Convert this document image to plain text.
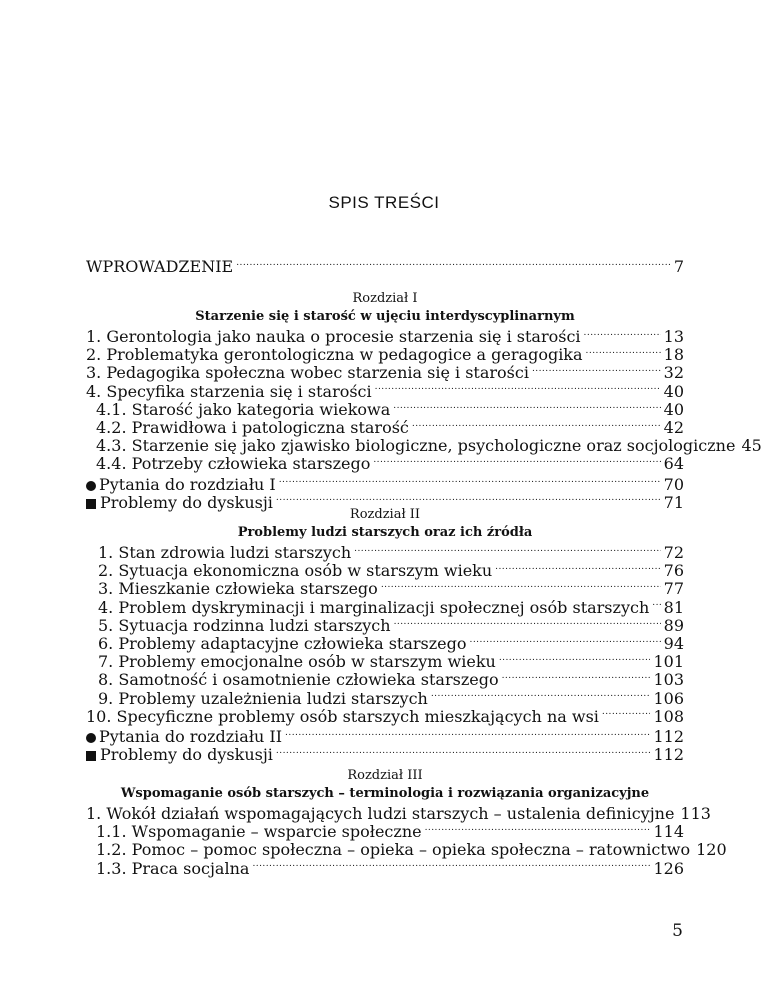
SPIS TREŚCI
WPROWADZENIE . . .	7
Rozdział I
Starzenie się i starość w ujęciu interdyscyplinarnym
1. Gerontologia jako nauka o procesie starzenia się i starości . . .	13
2. Problematyka gerontologiczna w pedagogice a geragogika . . .	18
3. Pedagogika społeczna wobec starzenia się i starości . . .	32
4. Specyfika starzenia się i starości . . .	40
4.1. Starość jako kategoria wiekowa . . .	40
4.2. Prawidłowa i patologiczna starość . . .	42
4.3. Starzenie się jako zjawisko biologiczne, psychologiczne oraz socjologiczne 45
4.4. Potrzeby człowieka starszego . . .	64
Pytania do rozdziału I . . .	70
Problemy do dyskusji . . .	71
Rozdział II
Problemy ludzi starszych oraz ich źródła
1. Stan zdrowia ludzi starszych . . .	72
2. Sytuacja ekonomiczna osób w starszym wieku . . .	76
3. Mieszkanie człowieka starszego . . .	77
4. Problem dyskryminacji i marginalizacji społecznej osób starszych . . . 81
5. Sytuacja rodzinna ludzi starszych . . .	89
6. Problemy adaptacyjne człowieka starszego . . .	94
7. Problemy emocjonalne osób w starszym wieku . . .	101
8. Samotność i osamotnienie człowieka starszego . . .	103
9. Problemy uzależnienia ludzi starszych . . .	106
10. Specyficzne problemy osób starszych mieszkających na wsi . . .	108
Pytania do rozdziału II . . .	112
Problemy do dyskusji . . .	112
Rozdział III
Wspomaganie osób starszych – terminologia i rozwiązania organizacyjne
1. Wokół działań wspomagających ludzi starszych – ustalenia definicyjne 113
1.1. Wspomaganie – wsparcie społeczne . . .	114
1.2. Pomoc – pomoc społeczna – opieka – opieka społeczna – ratownictwo 120
1.3. Praca socjalna . . .	126
5
